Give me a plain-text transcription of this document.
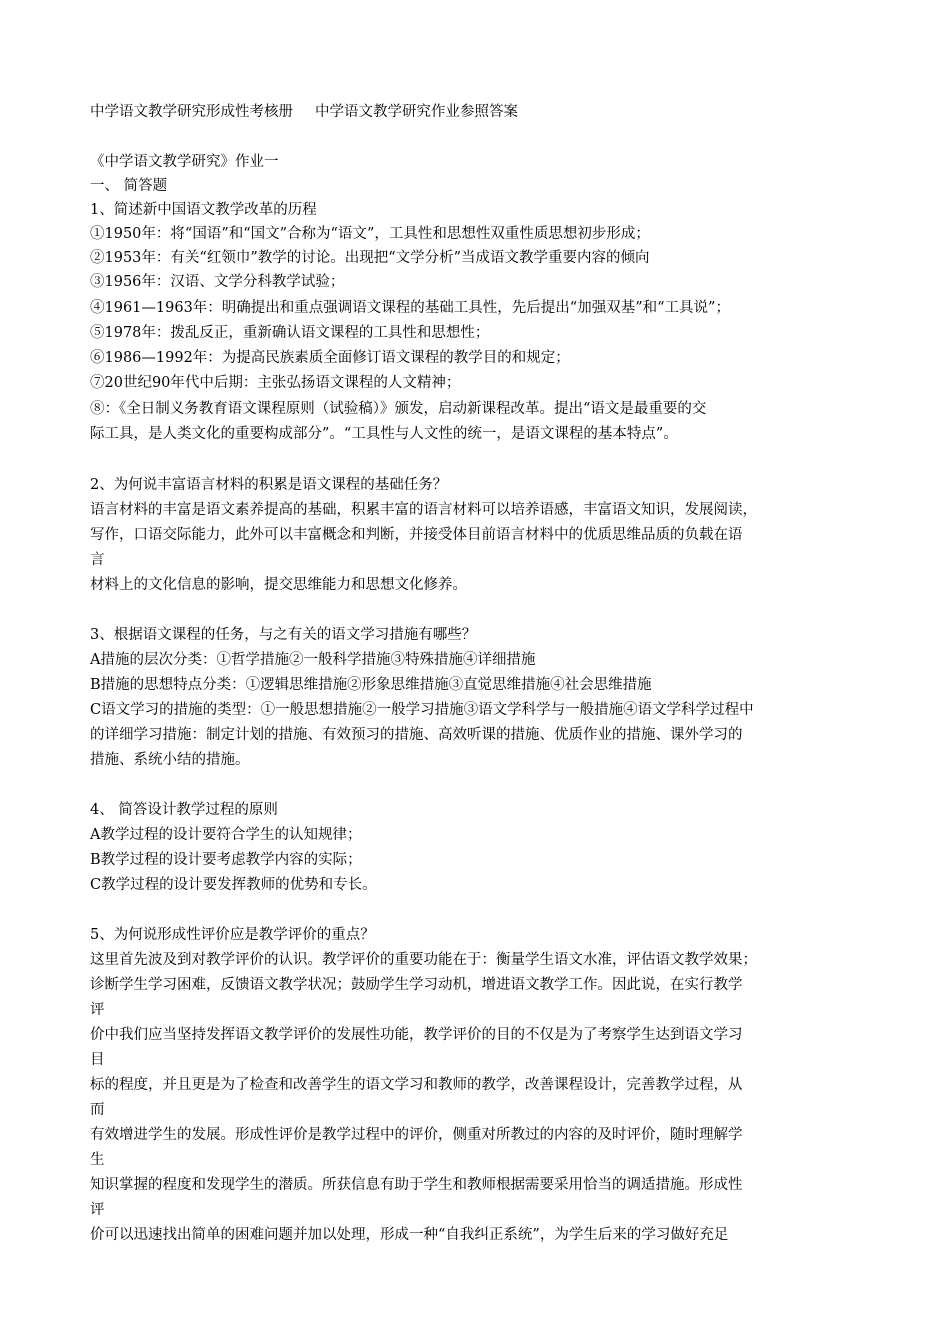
中学语文教学研究形成性考核册 中学语文教学研究作业参照答案
《中学语文教学研究》作业一
一、 简答题
1、简述新中国语文教学改革的历程
①1950年：将“国语”和“国文”合称为“语文”，工具性和思想性双重性质思想初步形成；
②1953年：有关“红领巾”教学的讨论。出现把“文学分析”当成语文教学重要内容的倾向
③1956年：汉语、文学分科教学试验；
④1961—1963年：明确提出和重点强调语文课程的基础工具性，先后提出“加强双基”和“工具说”；
⑤1978年：拨乱反正，重新确认语文课程的工具性和思想性；
⑥1986—1992年：为提高民族素质全面修订语文课程的教学目的和规定；
⑦20世纪90年代中后期：主张弘扬语文课程的人文精神；
⑧：《全日制义务教育语文课程原则（试验稿）》颁发，启动新课程改革。提出“语文是最重要的交
际工具，是人类文化的重要构成部分”。“工具性与人文性的统一，是语文课程的基本特点”。
2、为何说丰富语言材料的积累是语文课程的基础任务？
语言材料的丰富是语文素养提高的基础，积累丰富的语言材料可以培养语感，丰富语文知识，发展阅读，
写作，口语交际能力，此外可以丰富概念和判断，并接受体目前语言材料中的优质思维品质的负载在语
言
材料上的文化信息的影响，提交思维能力和思想文化修养。
3、根据语文课程的任务，与之有关的语文学习措施有哪些？
A措施的层次分类：①哲学措施②一般科学措施③特殊措施④详细措施
B措施的思想特点分类：①逻辑思维措施②形象思维措施③直觉思维措施④社会思维措施
C语文学习的措施的类型：①一般思想措施②一般学习措施③语文学科学与一般措施④语文学科学过程中
的详细学习措施：制定计划的措施、有效预习的措施、高效听课的措施、优质作业的措施、课外学习的
措施、系统小结的措施。
4、 简答设计教学过程的原则
A教学过程的设计要符合学生的认知规律；
B教学过程的设计要考虑教学内容的实际；
C教学过程的设计要发挥教师的优势和专长。
5、为何说形成性评价应是教学评价的重点？
这里首先波及到对教学评价的认识。教学评价的重要功能在于：衡量学生语文水准，评估语文教学效果；
诊断学生学习困难，反馈语文教学状况；鼓励学生学习动机，增进语文教学工作。因此说，在实行教学
评
价中我们应当坚持发挥语文教学评价的发展性功能，教学评价的目的不仅是为了考察学生达到语文学习
目
标的程度，并且更是为了检查和改善学生的语文学习和教师的教学，改善课程设计，完善教学过程，从
而
有效增进学生的发展。形成性评价是教学过程中的评价，侧重对所教过的内容的及时评价，随时理解学
生
知识掌握的程度和发现学生的潜质。所获信息有助于学生和教师根据需要采用恰当的调适措施。形成性
评
价可以迅速找出简单的困难问题并加以处理，形成一种“自我纠正系统”，为学生后来的学习做好充足
